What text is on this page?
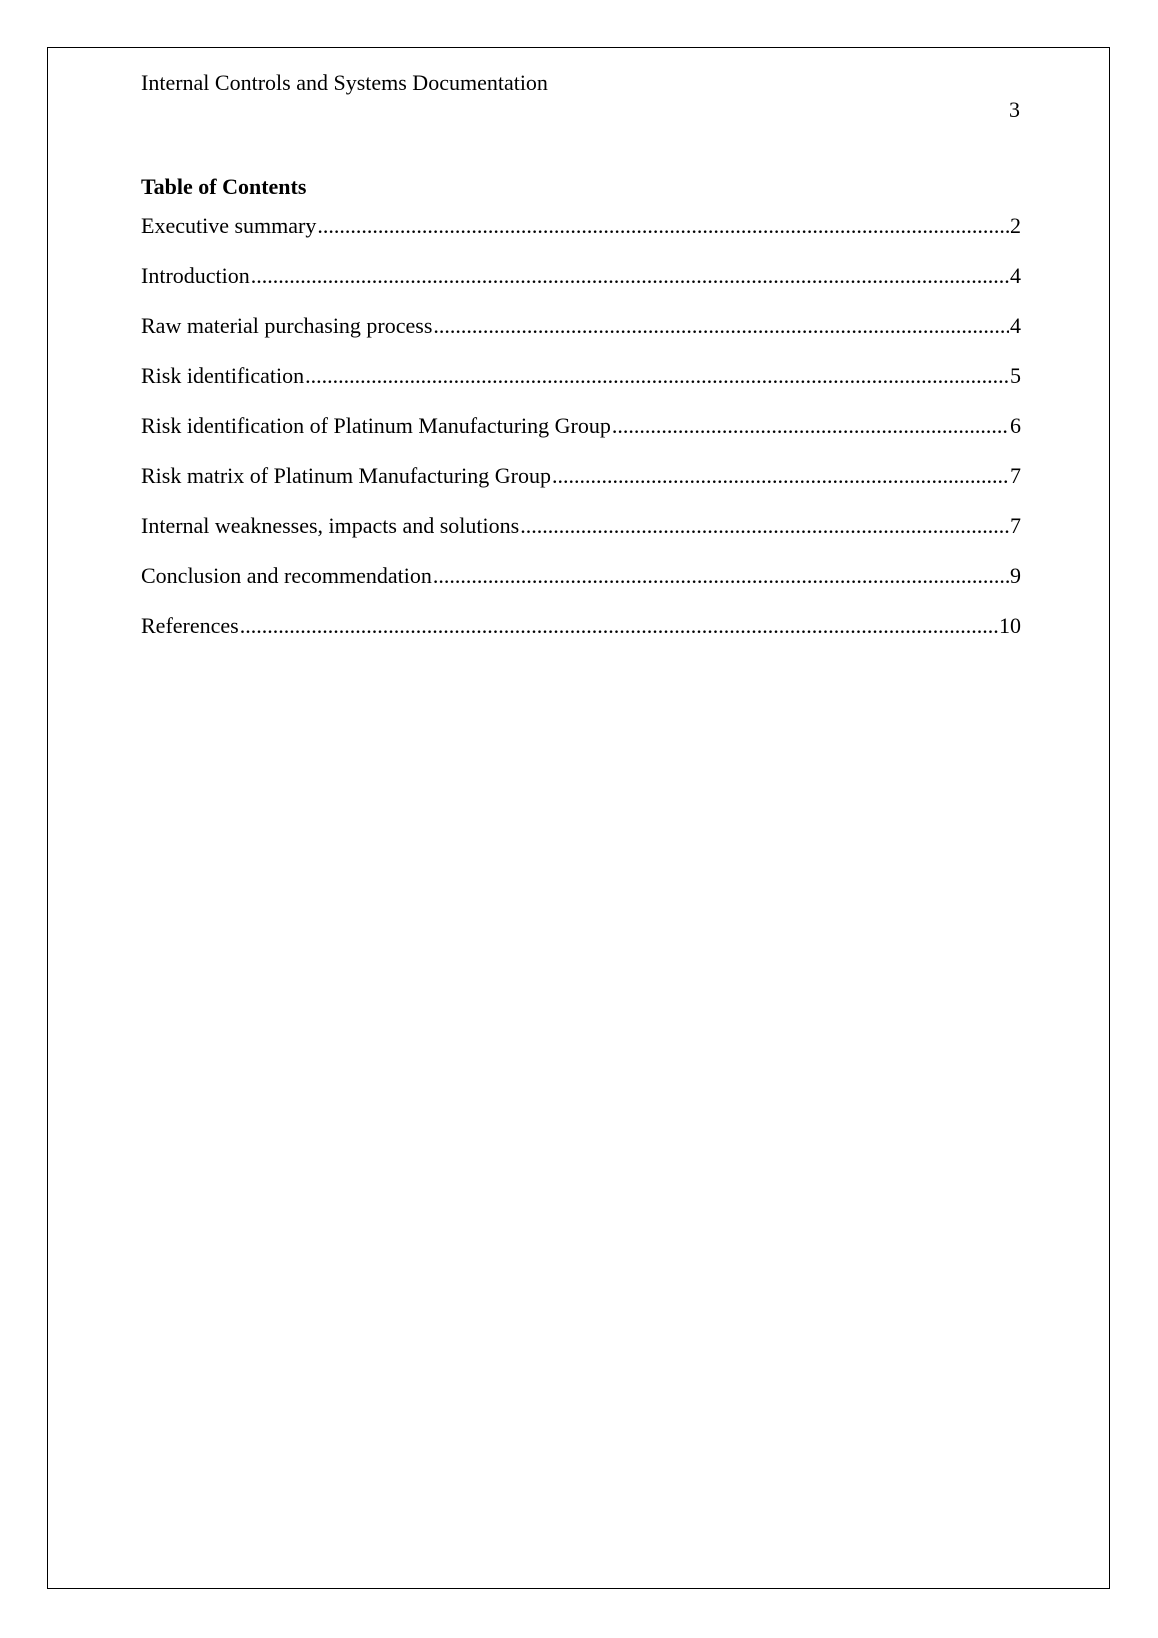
Internal Controls and Systems Documentation
3
Table of Contents
Executive summary .....	2
Introduction .....	4
Raw material purchasing process .....	4
Risk identification .....	5
Risk identification of Platinum Manufacturing Group .....	6
Risk matrix of Platinum Manufacturing Group .....	7
Internal weaknesses, impacts and solutions .....	7
Conclusion and recommendation .....	9
References .....	10
